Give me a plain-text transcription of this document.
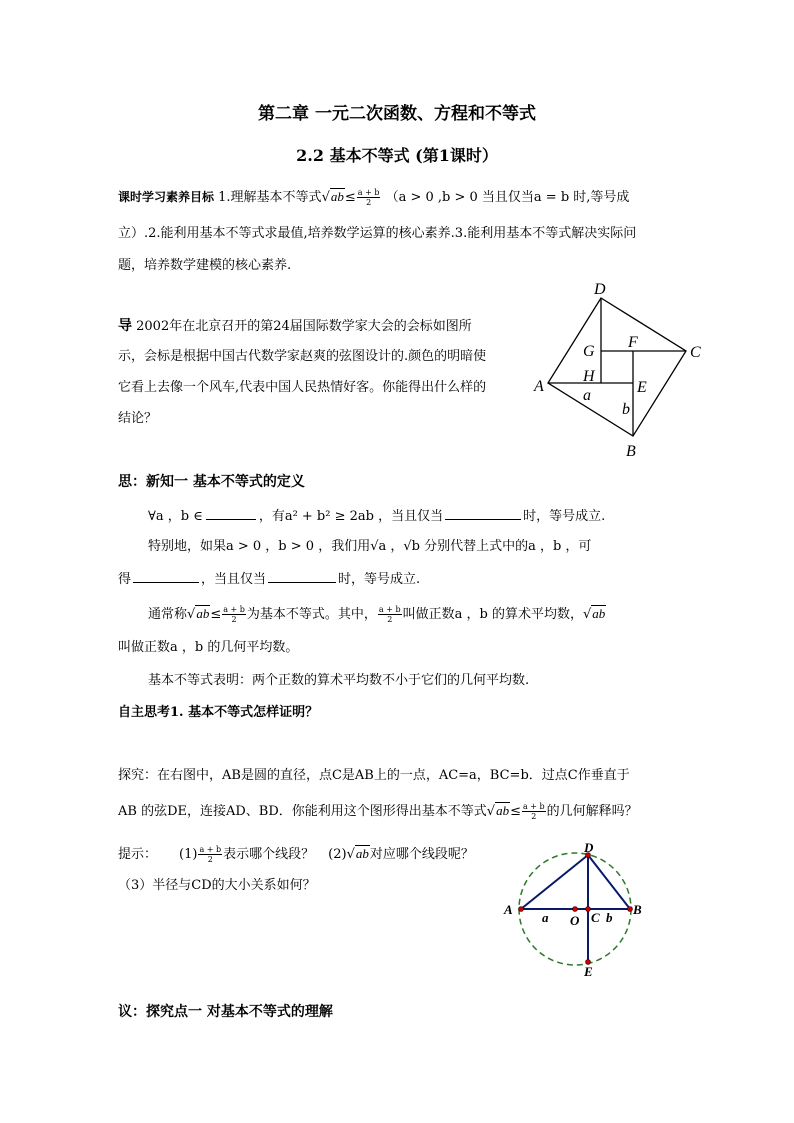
第二章 一元二次函数、方程和不等式
2.2 基本不等式 (第1课时）
课时学习素养目标 1.理解基本不等式$√ab\le \frac{a + b}{2} (a > 0$ ,b > 0 当且仅当a = b 时,等号成
立）.2.能利用基本不等式求最值,培养数学运算的核心素养.3.能利用基本不等式解决实际问
题，培养数学建模的核心素养.
导 2002年在北京召开的第24届国际数学家大会的会标如图所
示，会标是根据中国古代数学家赵爽的弦图设计的.颜色的明暗使
它看上去像一个风车,代表中国人民热情好客。你能得出什么样的
结论？
D
C
A
B
G
F
H
E
a
b
思：新知一 基本不等式的定义
∀a ，b ∈	，有a² + b² ≥ 2ab ，当且仅当	时，等号成立.
特别地，如果a > 0 ，b > 0 ，我们用√a ，√b 分别代替上式中的a ，b ，可
得	，当且仅当	时，等号成立.
通常称$√ab\le \frac{a + b}{2}$ 为基本不等式。其中， $\frac{a + b}{2}$ 叫做正数a ，b 的算术平均数，√ab
叫做正数a ，b 的几何平均数。
基本不等式表明：两个正数的算术平均数不小于它们的几何平均数.
自主思考1. 基本不等式怎样证明？
探究：在右图中，AB是圆的直径，点C是AB上的一点，AC=a，BC=b．过点C作垂直于
AB 的弦DE，连接AD、BD．你能利用这个图形得出基本不等式$√ab\le \frac{a + b}{2}$ 的几何解释吗？
提示： $(1) \frac{a + b}{2}$ 表示哪个线段？ (2)√ab对应哪个线段呢？
（3）半径与CD的大小关系如何？
D
A	B
C
O
E
a	b
议：探究点一 对基本不等式的理解
